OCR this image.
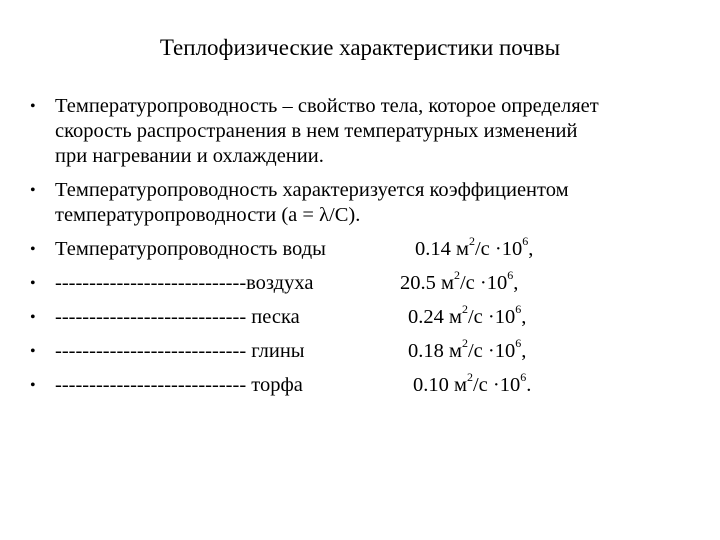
Теплофизические характеристики почвы
• Температуропроводность – свойство тела, которое определяет
скорость распространения в нем температурных изменений
при нагревании и охлаждении.
• Температуропроводность характеризуется коэффициентом
температуропроводности (а = λ/С).
• Температуропроводность воды	0.14 $м^2/с \cdot 10^6$,
• ----------------------------воздуха	20.5 $м^2/с \cdot 10^6$,
• ---------------------------- песка	0.24 $м^2/с \cdot 10^6$,
• ---------------------------- глины	0.18 $м^2/с \cdot 10^6$,
• ---------------------------- торфа	0.10 $м^2/с \cdot 10^6$.
